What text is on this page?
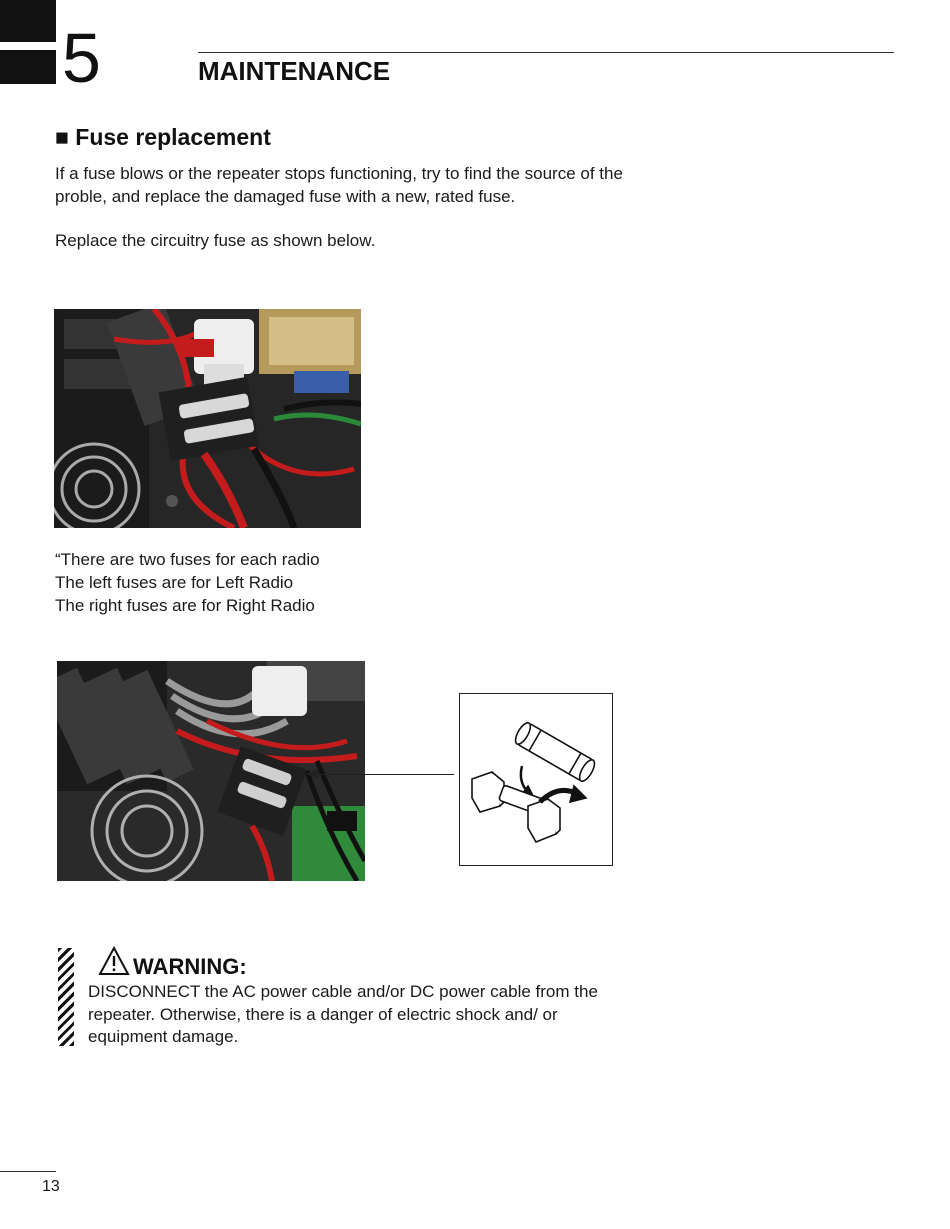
5	MAINTENANCE
■ Fuse replacement
If a fuse blows or the repeater stops functioning, try to find the source of the proble, and replace the damaged fuse with a new, rated fuse.
Replace the circuitry fuse as shown below.
“There are two fuses for each radio
The left fuses are for Left Radio
The right fuses are for Right Radio
WARNING:
DISCONNECT the AC power cable and/or DC power cable from the repeater. Otherwise, there is a danger of electric shock and/ or equipment damage.
13
